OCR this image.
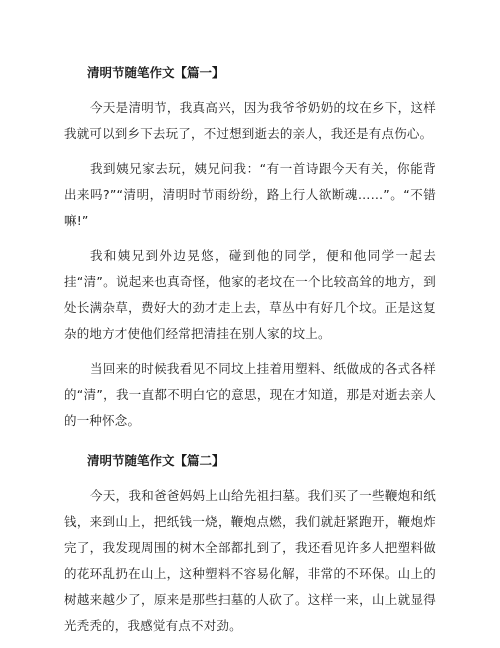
清明节随笔作文【篇一】

今天是清明节，我真高兴，因为我爷爷奶奶的坟在乡下，这样我就可以到乡下去玩了，不过想到逝去的亲人，我还是有点伤心。

我到姨兄家去玩，姨兄问我：“有一首诗跟今天有关，你能背出来吗?”“清明，清明时节雨纷纷，路上行人欲断魂……”。“不错嘛!”

我和姨兄到外边晃悠，碰到他的同学，便和他同学一起去挂“清”。说起来也真奇怪，他家的老坟在一个比较高耸的地方，到处长满杂草，费好大的劲才走上去，草丛中有好几个坟。正是这复杂的地方才使他们经常把清挂在别人家的坟上。

当回来的时候我看见不同坟上挂着用塑料、纸做成的各式各样的“清”，我一直都不明白它的意思，现在才知道，那是对逝去亲人的一种怀念。

清明节随笔作文【篇二】

今天，我和爸爸妈妈上山给先祖扫墓。我们买了一些鞭炮和纸钱，来到山上，把纸钱一烧，鞭炮点燃，我们就赶紧跑开，鞭炮炸完了，我发现周围的树木全部都扎到了，我还看见许多人把塑料做的花环乱扔在山上，这种塑料不容易化解，非常的不环保。山上的树越来越少了，原来是那些扫墓的人砍了。这样一来，山上就显得光秃秃的，我感觉有点不对劲。
